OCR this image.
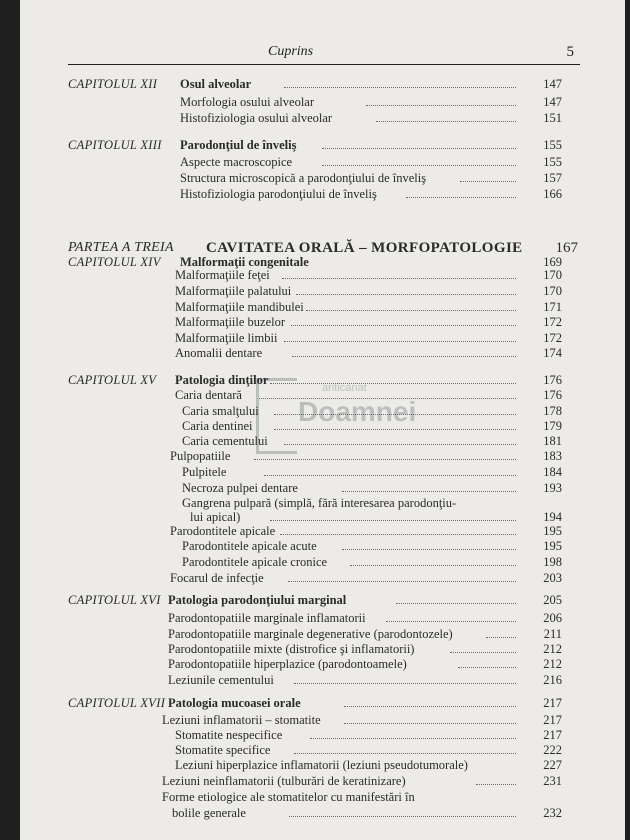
Cuprins	5
anticariat
Doamnei
CAPITOLUL XII Osul alveolar	147
Morfologia osului alveolar	147
Histofiziologia osului alveolar	151
CAPITOLUL XIII Parodonţiul de înveliş	155
Aspecte macroscopice	155
Structura microscopică a parodonţiului de înveliş	157
Histofiziologia parodonţiului de înveliş	166
PARTEA A TREIA CAVITATEA ORALĂ – MORFOPATOLOGIE	167
CAPITOLUL XIV Malformaţii congenitale	169
Malformaţiile feţei	170
Malformaţiile palatului	170
Malformaţiile mandibulei	171
Malformaţiile buzelor	172
Malformaţiile limbii	172
Anomalii dentare	174
CAPITOLUL XV Patologia dinţilor	176
Caria dentară	176
Caria smalţului	178
Caria dentinei	179
Caria cementului	181
Pulpopatiile	183
Pulpitele	184
Necroza pulpei dentare	193
Gangrena pulpară (simplă, fără interesarea parodonţiu-
lui apical)	194
Parodontitele apicale	195
Parodontitele apicale acute	195
Parodontitele apicale cronice	198
Focarul de infecţie	203
CAPITOLUL XVI Patologia parodonţiului marginal	205
Parodontopatiile marginale inflamatorii	206
Parodontopatiile marginale degenerative (parodontozele)	211
Parodontopatiile mixte (distrofice şi inflamatorii)	212
Parodontopatiile hiperplazice (parodontoamele)	212
Leziunile cementului	216
CAPITOLUL XVII Patologia mucoasei orale	217
Leziuni inflamatorii – stomatite	217
Stomatite nespecifice	217
Stomatite specifice	222
Leziuni hiperplazice inflamatorii (leziuni pseudotumorale)	227
Leziuni neinflamatorii (tulburări de keratinizare)	231
Forme etiologice ale stomatitelor cu manifestări în
bolile generale	232
